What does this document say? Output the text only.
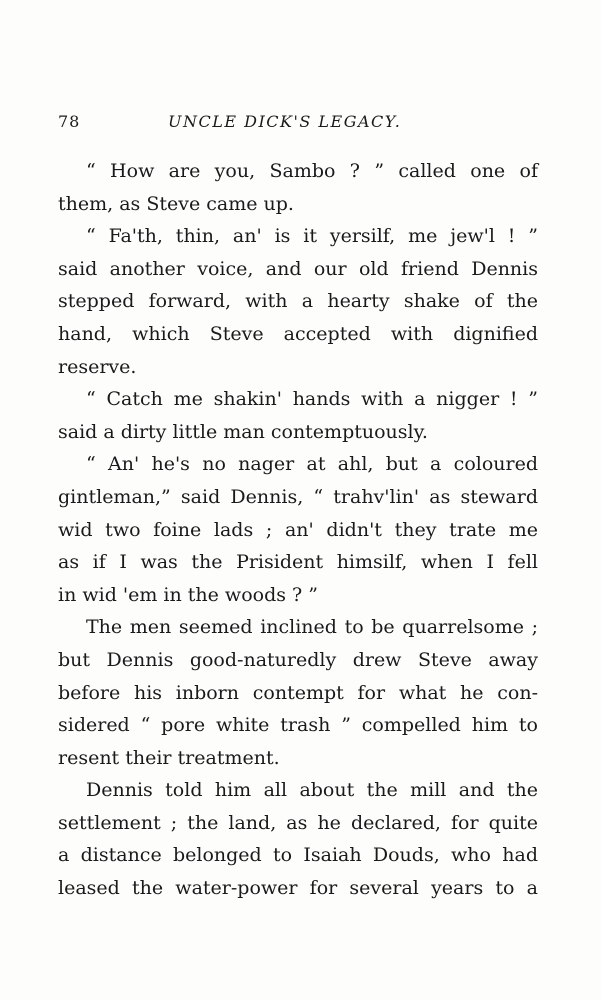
78	UNCLE DICK'S LEGACY.
“ How are you, Sambo ? ” called one of
them, as Steve came up.
“ Fa'th, thin, an' is it yersilf, me jew'l ! ”
said another voice, and our old friend Dennis
stepped forward, with a hearty shake of the
hand, which Steve accepted with dignified
reserve.
“ Catch me shakin' hands with a nigger ! ”
said a dirty little man contemptuously.
“ An' he's no nager at ahl, but a coloured
gintleman,” said Dennis, “ trahv'lin' as steward
wid two foine lads ; an' didn't they trate me
as if I was the Prisident himsilf, when I fell
in wid 'em in the woods ? ”
The men seemed inclined to be quarrelsome ;
but Dennis good-naturedly drew Steve away
before his inborn contempt for what he con-
sidered “ pore white trash ” compelled him to
resent their treatment.
Dennis told him all about the mill and the
settlement ; the land, as he declared, for quite
a distance belonged to Isaiah Douds, who had
leased the water-power for several years to a
